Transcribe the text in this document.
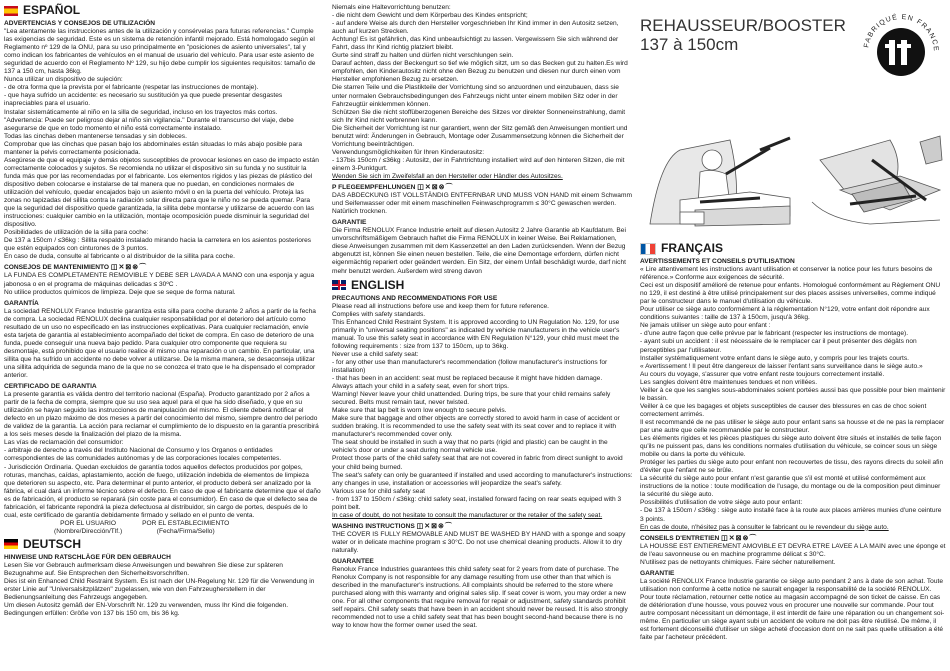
ESPAÑOL

ADVERTENCIAS Y CONSEJOS DE UTILIZACIÓN

"Lea atentamente las instrucciones antes de la utilización y consérvelas para futuras referencias." Cumple las exigencias de seguridad. Este es un sistema de retención infantil mejorado. Está homologado según el Reglamento nº 129 de la ONU, para su uso principalmente en "posiciones de asiento universales", tal y como indican los fabricantes de vehículos en el manual de usuario del vehículo. Para usar este asiento de seguridad de acuerdo con el Reglamento Nº 129, su hijo debe cumplir los siguientes requisitos: tamaño de 137 a 150 cm, hasta 36kg.

Nunca utilizar un dispositivo de sujeción:

- de otra forma que la prevista por el fabricante (respetar las instrucciones de montaje).

- que haya sufrido un accidente: es necesario su sustitución ya que puede presentar desgastes inapreciables para el usuario.

Instalar sistemáticamente al niño en la silla de seguridad, incluso en los trayectos más cortos.

"Advertencia: Puede ser peligroso dejar al niño sin vigilancia." Durante el transcurso del viaje, debe asegurarse de que en todo momento el niño está correctamente instalado.

Todas las cinchas deben mantenerse tensadas y sin dobleces.

Comprobar que las cinchas que pasan bajo los abdominales están situadas lo más abajo posible para mantener la pelvis correctamente posicionada.

Asegúrese de que el equipaje y demás objetos susceptibles de provocar lesiones en caso de impacto están correctamente colocados y sujetos. Se recomienda no utilizar el dispositivo sin su funda y no sustituir la funda más que por las recomendadas por el fabricante. Los elementos rígidos y las piezas de plástico del dispositivo deben colocarse e instalarse de tal manera que no puedan, en condiciones normales de utilización del vehículo, quedar encajados bajo un asiento móvil o en la puerta del vehículo. Proteja las zonas no tapizadas del sillita contra la radiación solar directa para que le niño no se pueda quemar. Para que la seguridad del dispositivo quede garantizada, la sillita debe montarse y utilizarse de acuerdo con las instrucciones: cualquier cambio en la utilización, montaje ocomposición puede disminuir la seguridad del dispositivo.

Posibilidades de utilización de la silla para coche:

De 137 a 150cm / ≤36kg : Sillita respaldo instalado mirando hacia la carretera en los asientos posteriores que estén equipados con cinturones de 3 puntos.

En caso de duda, consulte al fabricante o al distribuidor de la sillita para coche.

CONSEJOS DE MANTENIMIENTO ◫✕⊠⊗⌒

LA FUNDA ES COMPLETAMENTE REMOVIBLE Y DEBE SER LAVADA A MANO con una esponja y agua jabonosa o en el programa de máquinas delicadas ≤ 30ºC .

No utilice productos químicos de limpieza. Deje que se seque de forma natural.

GARANTÍA

La sociedad RENOLUX France Industrie garantiza esta silla para coche durante 2 años a partir de la fecha de compra. La sociedad RENOLUX declina cualquier responsabilidad por el deterioro del artículo como resultado de un uso no especificado en las instrucciones explicativas. Para cualquier reclamación, envíe esta tarjeta de garantía al establecimiento acompañado del ticket de compra. En caso de deterioro de una funda, puede conseguir una nueva bajo pedido. Para cualquier otro componente que requiera su desmontaje, está prohibido que el usuario realice él mismo una reparación o un cambio. En particular, una sillita que ha sufrido un accidente no debe volver a utilizarse. De la misma manera, se desaconseja utilizar una sillita adquirida de segunda mano de la que no se conozca el trato que le ha dispensado el comprador anterior.

CERTIFICADO DE GARANTIA

La presente garantía es válida dentro del territorio nacional (España). Producto garantizado por 2 años a partir de la fecha de compra, siempre que su uso sea aquel para el que ha sido diseñado, y que en su utilización se hayan seguido las instrucciones de manipulación del mismo. El cliente deberá notificar el defecto en un plazo máximo de dos meses a partir del conocimiento del mismo, siempre dentro del período de validez de la garantía. La acción para reclamar el cumplimiento de lo dispuesto en la garantía prescribirá a los seis meses desde la finalización del plazo de la misma.

Las vías de reclamación del consumidor:

- arbitraje de derecho a través del Instituto Nacional de Consumo y los Organos o entidades correspondientes de las comunidades autónomas y de las corporaciones locales competentes.

- Jurisdicción Ordinaria. Quedan excluidos de garantía todos aquellos defectos producidos por golpes, roturas, manchas, caídas, aplastamiento, acción de fuego, utilización indebida de elementos de limpieza que deterioren su aspecto, etc. Para determinar el punto anterior, el producto deberá ser analizado por la fábrica, el cual dará un informe técnico sobre el defecto. En caso de que el fabricante determine que el daño es de fabricación, el producto se reparará (sin coste para el consumidor). En caso de que el defecto sea de fabricación, el fabricante repondrá la pieza defectuosa al distribuidor, sin cargo de portes, después de lo cual, este certificado de garantía debidamente firmado y sellado en el punto de venta.

POR EL USUARIO
(Nombre/Dirección/Tlf.)
POR EL ESTABLECIMIENTO
(Fecha/Firma/Sello)
DEUTSCH

HINWEISE UND RATSCHLÄGE FÜR DEN GEBRAUCH

Lesen Sie vor Gebrauch aufmerksam diese Anweisungen und bewahren Sie diese zur späteren Bezugnahme auf. Sie Entsprechen den Sicherheitsvorschriften.

Dies ist ein Enhanced Child Restraint System. Es ist nach der UN-Regelung Nr. 129 für die Verwendung in erster Linie auf "Universalsitzplätzen" zugelassen, wie von den Fahrzeugherstellern in der Bedienungsanleitung des Fahrzeugs angegeben.

Um diesen Autositz gemäß der EN-Vorschrift Nr. 129 zu verwenden, muss Ihr Kind die folgenden.

Bedingungen erfüllen: Größe von 137 bis 150 cm, bis 36 kg.

Niemals eine Haltevorrichtung benutzen:

- die nicht dem Gewicht und dem Körperbau des Kindes entspricht;

- auf andere Weise als durch den Hersteller vorgeschrieben Ihr Kind immer in den Autositz setzen, auch auf kurzen Strecken.

Achtung! Es ist gefährlich, das Kind unbeaufsichtigt zu lassen. Vergewissern Sie sich während der Fahrt, dass Ihr Kind richtig platziert bleibt.

Gurte sind straff zu halten und dürfen nicht verschlungen sein.

Darauf achten, dass der Beckengurt so tief wie möglich sitzt, um so das Becken gut zu halten.Es wird empfohlen, den Kinderautositz nicht ohne den Bezug zu benutzen und diesen nur durch einen vom Hersteller empfohlenen Bezug zu ersetzen.

Die starren Teile und die Plastikteile der Vorrichtung sind so anzuordnen und einzubauen, dass sie unter normalen Gebrauchsbedingungen des Fahrzeugs nicht unter einem mobilen Sitz oder in der Fahrzeugtür einklemmen können.

Schützen Sie die nicht stoffüberzogenen Bereiche des Sitzes vor direkter Sonneneinstrahlung, damit sich Ihr Kind nicht verbrennen kann.

Die Sicherheit der Vorrichtung ist nur garantiert, wenn der Sitz gemäß den Anweisungen montiert und benutzt wird: Änderungen in Gebrauch, Montage oder Zusammensetzung können die Sicherheit der Vorrichtung beeinträchtigen.

Verwendungsmöglichkeiten für Ihren Kinderautositz:

- 137bis 150cm / ≤36kg : Autositz, der in Fahrtrichtung installiert wird auf den hinteren Sitzen, die mit einem 3-Punktgurt.

Wenden Sie sich im Zweifelsfall an den Hersteller oder Händler des Autositzes.

P FLEGEEMPFEHLUNGEN ◫✕⊠⊗⌒

DAS ABDECKUNG IST VOLLSTÄNDIG ENTFERNBAR UND MUSS VON HAND mit einem Schwamm und Seifenwasser oder mit einem maschinellen Feinwaschprogramm ≤ 30°C gewaschen werden. Natürlich trocknen.

GARANTIE

Die Firma RENOLUX France Industrie erteilt auf diesen Autositz 2 Jahre Garantie ab Kaufdatum. Bei unvorschriftsmäßigem Gebrauch haftet die Firma RENOLUX in keiner Weise. Bei Reklamationen, diese Anweisungen zusammen mit dem Kassenzettel an den Laden zurücksenden. Wenn der Bezug abgenutzt ist, können Sie einen neuen bestellen. Teile, die eine Demontage erfordern, dürfen nicht eigenmächtig repariert oder geändert werden. Ein Sitz, der einem Unfall beschädigt wurde, darf nicht mehr benutzt werden. Außerdem wird streng davon

ENGLISH

PRECAUTIONS AND RECOMMENDATIONS FOR USE

Please read all instructions before use and keep them for future reference.

Complies with safety standards.

This Enhanced Child Restraint System. It is approved according to UN Regulation No. 129, for use primarily in "universal seating positions" as indicated by vehicle manufacturers in the vehicle user's manual. To use this safety seat in accordance with EN Regulation N°129, your child must meet the following requirements : size from 137 to 150cm, up to 36kg.

Never use a child safety seat:

- for any other use than manufacturer's recommendation (follow manufacturer's instructions for installation)

- that has been in an accident: seat must be replaced because it might have hidden damage.

Always attach your child in a safety seat, even for short trips.

Warning! Never leave your child unattended. During trips, be sure that your child remains safely secured. Belts must remain taut, never twisted.

Make sure that lap belt is worn low enough to secure pelvis.

Make sure that baggage and other objects are correctly stored to avoid harm in case of accident or sudden braking. It is recommended to use the safety seat with its seat cover and to replace it with manufacturer's recommended cover only.

The seat should be installed in such a way that no parts (rigid and plastic) can be caught in the vehicle's door or under a seat during normal vehicle use.

Protect those parts of the child safety seat that are not covered in fabric from direct sunlight to avoid your child being burned.

The seat's safety can only be guaranteed if installed and used according to manufacturer's instructions: any changes in use, installation or accessories will jeopardize the seat's safety.

Various use for child safety seat

- from 137 to 150cm / ≤36kg: child safety seat, installed forward facing on rear seats equiped with 3 point belt.

In case of doubt, do not hesitate to consult the manufacturer or the retailer of the safety seat.

WASHING INSTRUCTIONS ◫✕⊠⊗⌒

THE COVER IS FULLY REMOVABLE AND MUST BE WASHED BY HAND with a sponge and soapy water or in delicate machine program ≤ 30°C. Do not use chemical cleaning products. Allow it to dry naturally.

GUARANTEE

Renolux France Industries guarantees this child safety seat for 2 years from date of purchase. The Renolux Company is not responsible for any damage resulting from use other than that which is described in the manufacturer's instructions. All complaints should be referred to the store where purchased along with this warranty and original sales slip. If seat cover is worn, you may order a new one. For all other components that require removal for repair or adjustment, safety standards prohibit self repairs. Chil safety seats that have been in an accident should never be reused. It is also strongly recommended not to use a child safety seat that has been bought second-hand because there is no way to know how the former owner used the seat.

REHAUSSEUR/BOOSTER
137 à 150cm	FABRIQUÉ EN FRANCE
FRANÇAIS

AVERTISSEMENTS ET CONSEILS D'UTILISATION

« Lire attentivement les instructions avant utilisation et conserver la notice pour les futurs besoins de référence.» Conforme aux exigences de sécurité.

Ceci est un dispositif amélioré de retenue pour enfants. Homologué conformément au Règlement ONU no 129, il est destiné à être utilisé principalement sur des places assises universelles, comme indiqué par le constructeur dans le manuel d'utilisation du véhicule.

Pour utiliser ce siège auto conformément à la réglementation N°129, votre enfant doit répondre aux conditions suivantes : taille de 137 à 150cm, jusqu'à 36kg.

Ne jamais utiliser un siège auto pour enfant :

- d'une autre façon que celle prévue par le fabricant (respecter les instructions de montage).

- ayant subi un accident : il est nécessaire de le remplacer car il peut présenter des dégâts non perceptibles par l'utilisateur.

Installer systématiquement votre enfant dans le siège auto, y compris pour les trajets courts.

« Avertissement ! Il peut être dangereux de laisser l'enfant sans surveillance dans le siège auto.»

Au cours du voyage, s'assurer que votre enfant reste toujours correctement installé.

Les sangles doivent être maintenues tendues et non vrillées.

Veiller à ce que les sangles sous-abdominales soient portées aussi bas que possible pour bien maintenir le bassin.

Veiller à ce que les bagages et objets susceptibles de causer des blessures en cas de choc soient correctement arrimés.

Il est recommandé de ne pas utiliser le siège auto pour enfant sans sa housse et de ne pas la remplacer par une autre que celle recommandée par le constructeur.

Les éléments rigides et les pièces plastiques du siège auto doivent être situés et installés de telle façon qu'ils ne puissent pas, dans les conditions normales d'utilisation du véhicule, se coincer sous un siège mobile ou dans la porte du véhicule.

Protéger les parties du siège auto pour enfant non recouvertes de tissu, des rayons directs du soleil afin d'éviter que l'enfant ne se brûle.

La sécurité du siège auto pour enfant n'est garantie que s'il est monté et utilisé conformément aux instructions de la notice : toute modification de l'usage, du montage ou de la composition peut diminuer la sécurité du siège auto.

Possibilités d'utilisation de votre siège auto pour enfant:

- De 137 à 150cm / ≤36kg : siège auto installé face à la route aux places arrières munies d'une ceinture 3 points.

En cas de doute, n'hésitez pas à consulter le fabricant ou le revendeur du siège auto.

CONSEILS D'ENTRETIEN ◫✕⊠⊗⌒

LA HOUSSE EST ENTIEREMENT AMOVIBLE ET DEVRA ETRE LAVEE A LA MAIN avec une éponge et de l'eau savonneuse ou en machine programme délicat ≤ 30°C.

N'utilisez pas de nettoyants chimiques. Faire sécher naturellement.

GARANTIE

La société RENOLUX France Industrie garantie ce siège auto pendant 2 ans à date de son achat. Toute utilisation non conforme à cette notice ne saurait engager la responsabilité de la société RENOLUX. Pour toute réclamation, retourner cette notice au magasin accompagné de son ticket de caisse. En cas de détérioration d'une housse, vous pouvez vous en procurer une nouvelle sur commande. Pour tout autre composant nécessitant un démontage, il est interdit de faire une réparation ou un changement soi-même. En particulier un siège ayant subi un accident de voiture ne doit pas être réutilisé. De même, il est fortement déconseillé d'utiliser un siège acheté d'occasion dont on ne sait pas quelle utilisation a été faite par l'acheteur précédent.
